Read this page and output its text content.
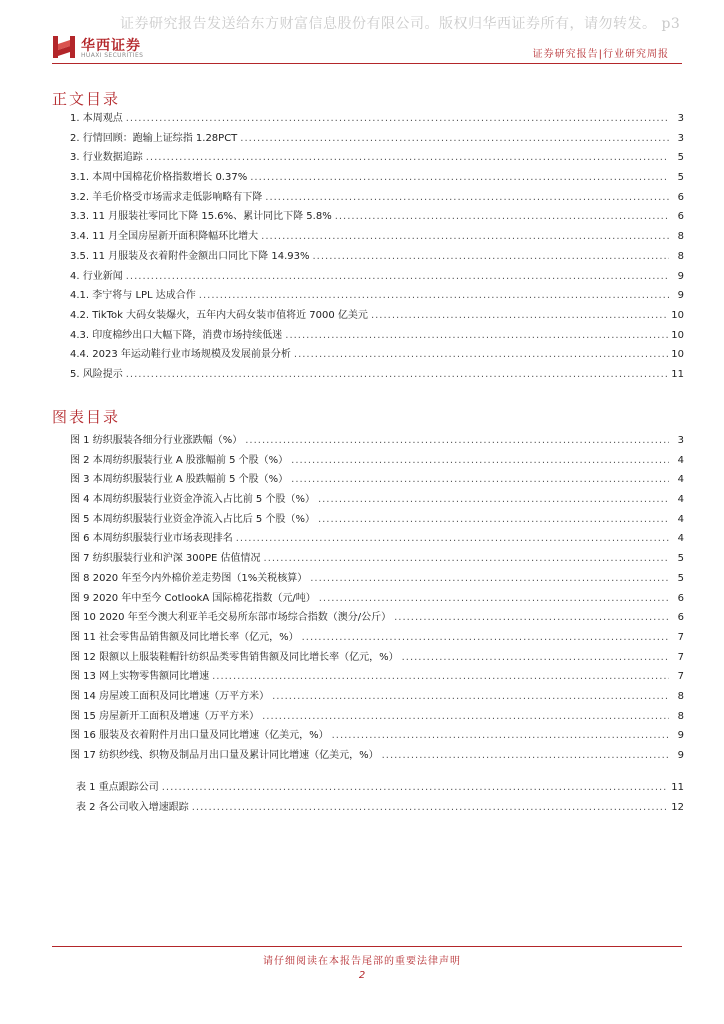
证券研究报告发送给东方财富信息股份有限公司。版权归华西证券所有，请勿转发。 p3
华西证券
HUAXI SECURITIES	证券研究报告|行业研究周报
正文目录
1. 本周观点 .....	3
2. 行情回顾：跑输上证综指 1.28PCT .....	3
3. 行业数据追踪 .....	5
3.1. 本周中国棉花价格指数增长 0.37% .....	5
3.2. 羊毛价格受市场需求走低影响略有下降 .....	6
3.3. 11 月服装社零同比下降 15.6%、累计同比下降 5.8% .....	6
3.4. 11 月全国房屋新开面积降幅环比增大 .....	8
3.5. 11 月服装及衣着附件金额出口同比下降 14.93% .....	8
4. 行业新闻 .....	9
4.1. 李宁将与 LPL 达成合作 .....	9
4.2. TikTok 大码女装爆火，五年内大码女装市值将近 7000 亿美元 .....	10
4.3. 印度棉纱出口大幅下降，消费市场持续低迷 .....	10
4.4. 2023 年运动鞋行业市场规模及发展前景分析 .....	10
5. 风险提示 .....	11
图表目录
图 1 纺织服装各细分行业涨跌幅（%） .....	3
图 2 本周纺织服装行业 A 股涨幅前 5 个股（%） .....	4
图 3 本周纺织服装行业 A 股跌幅前 5 个股（%） .....	4
图 4 本周纺织服装行业资金净流入占比前 5 个股（%） .....	4
图 5 本周纺织服装行业资金净流入占比后 5 个股（%） .....	4
图 6 本周纺织服装行业市场表现排名 .....	4
图 7 纺织服装行业和沪深 300PE 估值情况 .....	5
图 8 2020 年至今内外棉价差走势图（1%关税核算） .....	5
图 9 2020 年中至今 CotlookA 国际棉花指数（元/吨） .....	6
图 10 2020 年至今澳大利亚羊毛交易所东部市场综合指数（澳分/公斤） .....	6
图 11 社会零售品销售额及同比增长率（亿元，%） .....	7
图 12 限额以上服装鞋帽针纺织品类零售销售额及同比增长率（亿元，%） .....	7
图 13 网上实物零售额同比增速 .....	7
图 14 房屋竣工面积及同比增速（万平方米） .....	8
图 15 房屋新开工面积及增速（万平方米） .....	8
图 16 服装及衣着附件月出口量及同比增速（亿美元，%） .....	9
图 17 纺织纱线、织物及制品月出口量及累计同比增速（亿美元，%） .....	9
表 1 重点跟踪公司 .....	11
表 2 各公司收入增速跟踪 .....	12
请仔细阅读在本报告尾部的重要法律声明
2
